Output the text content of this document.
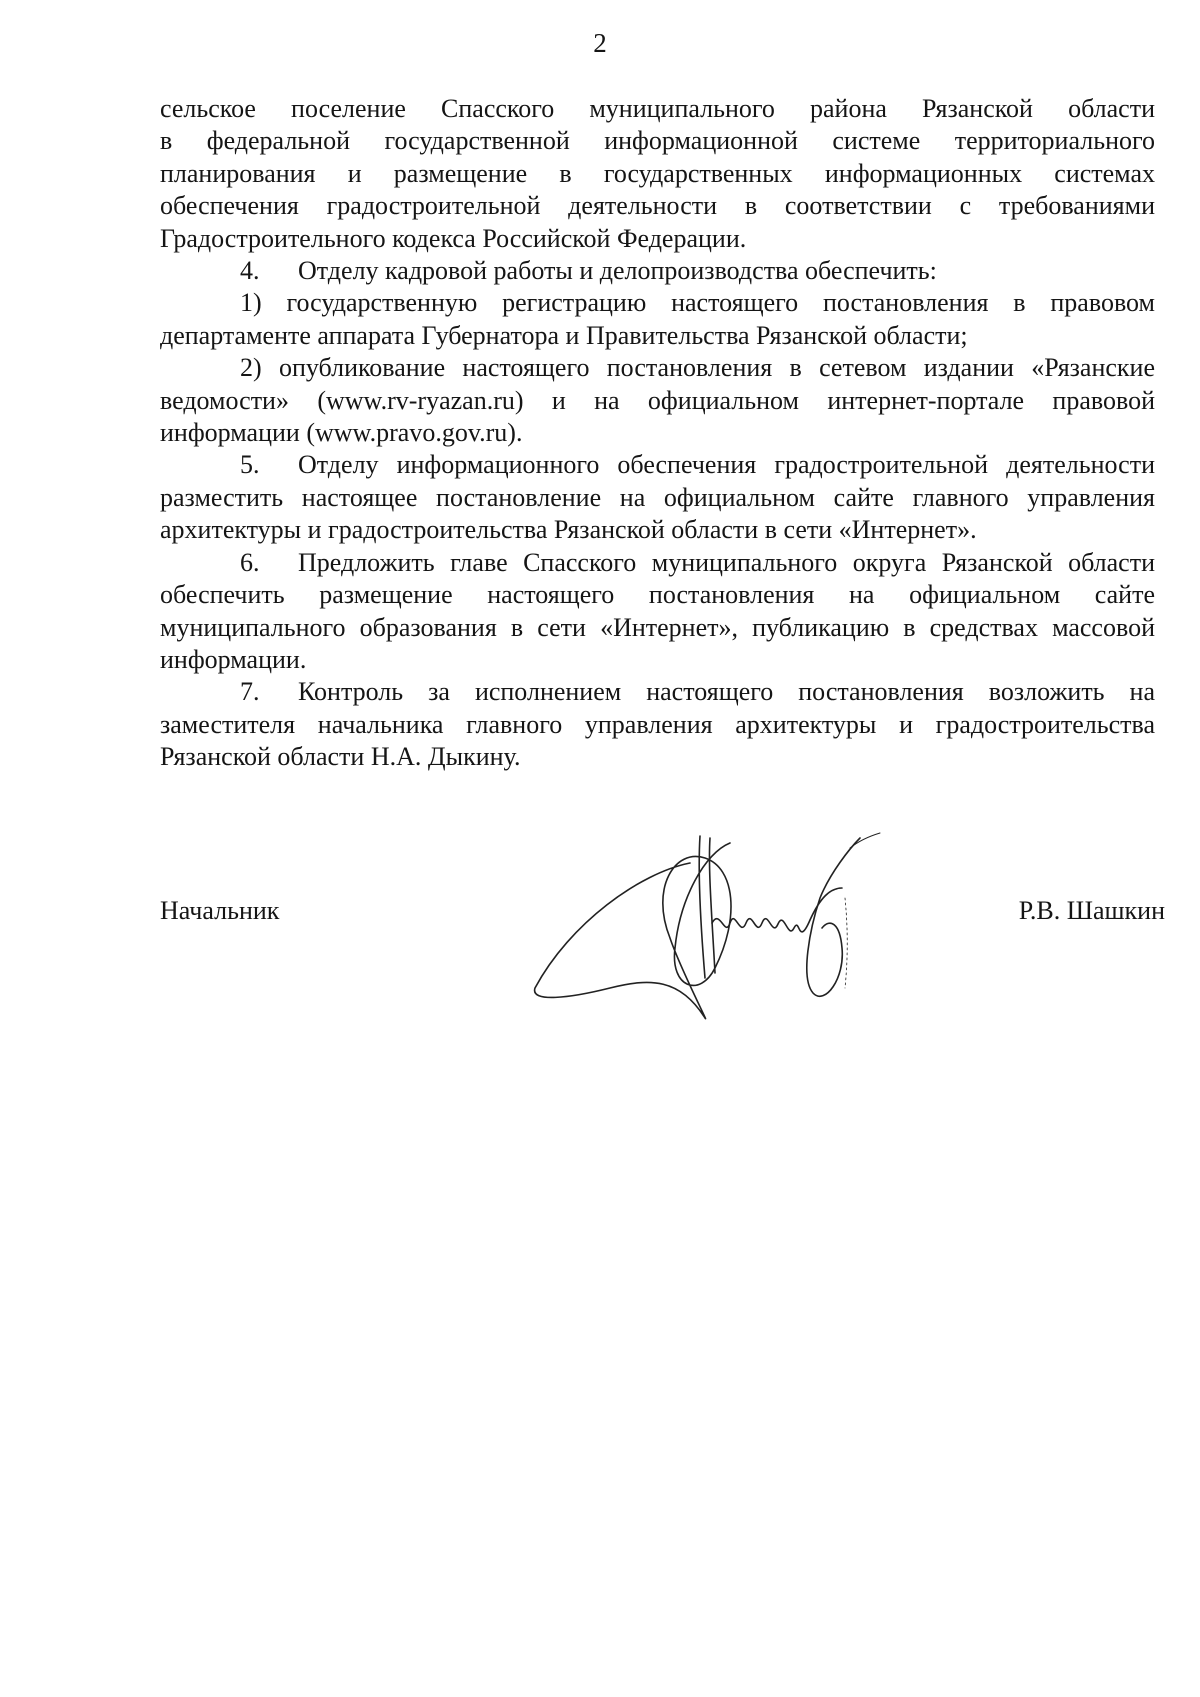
2

сельское поселение Спасского муниципального района Рязанской области

в федеральной государственной информационной системе территориального

планирования и размещение в государственных информационных системах

обеспечения градостроительной деятельности в соответствии с требованиями

Градостроительного кодекса Российской Федерации.

4. Отделу кадровой работы и делопроизводства обеспечить:

1) государственную регистрацию настоящего постановления в правовом департаменте аппарата Губернатора и Правительства Рязанской области;

2) опубликование настоящего постановления в сетевом издании «Рязанские ведомости» (www.rv-ryazan.ru) и на официальном интернет-портале правовой информации (www.pravo.gov.ru).

5. Отделу информационного обеспечения градостроительной деятельности разместить настоящее постановление на официальном сайте главного управления архитектуры и градостроительства Рязанской области в сети «Интернет».

6. Предложить главе Спасского муниципального округа Рязанской области обеспечить размещение настоящего постановления на официальном сайте муниципального образования в сети «Интернет», публикацию в средствах массовой информации.

7. Контроль за исполнением настоящего постановления возложить на заместителя начальника главного управления архитектуры и градостроительства Рязанской области Н.А. Дыкину.

Начальник	Р.В. Шашкин
